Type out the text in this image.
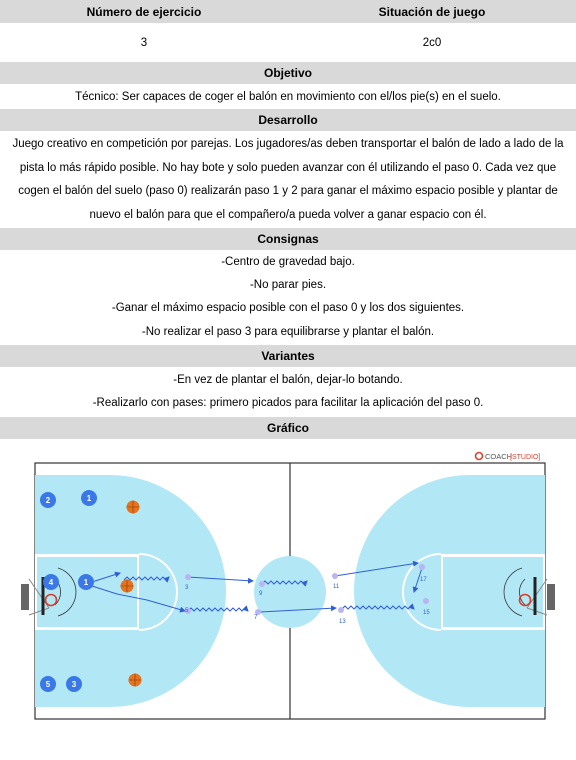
Número de ejercicio	Situación de juego
3	2c0
Objetivo
Técnico: Ser capaces de coger el balón en movimiento con el/los pie(s) en el suelo.
Desarrollo
Juego creativo en competición por parejas. Los jugadores/as deben transportar el balón de lado a lado de la pista lo más rápido posible. No hay bote y solo pueden avanzar con él utilizando el paso 0. Cada vez que cogen el balón del suelo (paso 0) realizarán paso 1 y 2 para ganar el máximo espacio posible y plantar de nuevo el balón para que el compañero/a pueda volver a ganar espacio con él.
Consignas
-Centro de gravedad bajo.
-No parar pies.
-Ganar el máximo espacio posible con el paso 0 y los dos siguientes.
-No realizar el paso 3 para equilibrarse y plantar el balón.
Variantes
-En vez de plantar el balón, dejar-lo botando.
-Realizarlo con pases: primero picados para facilitar la aplicación del paso 0.
Gráfico
COACH
[STUDIO]
3
5
9
7
11
13
17
15
2	1
4	1
5	3
